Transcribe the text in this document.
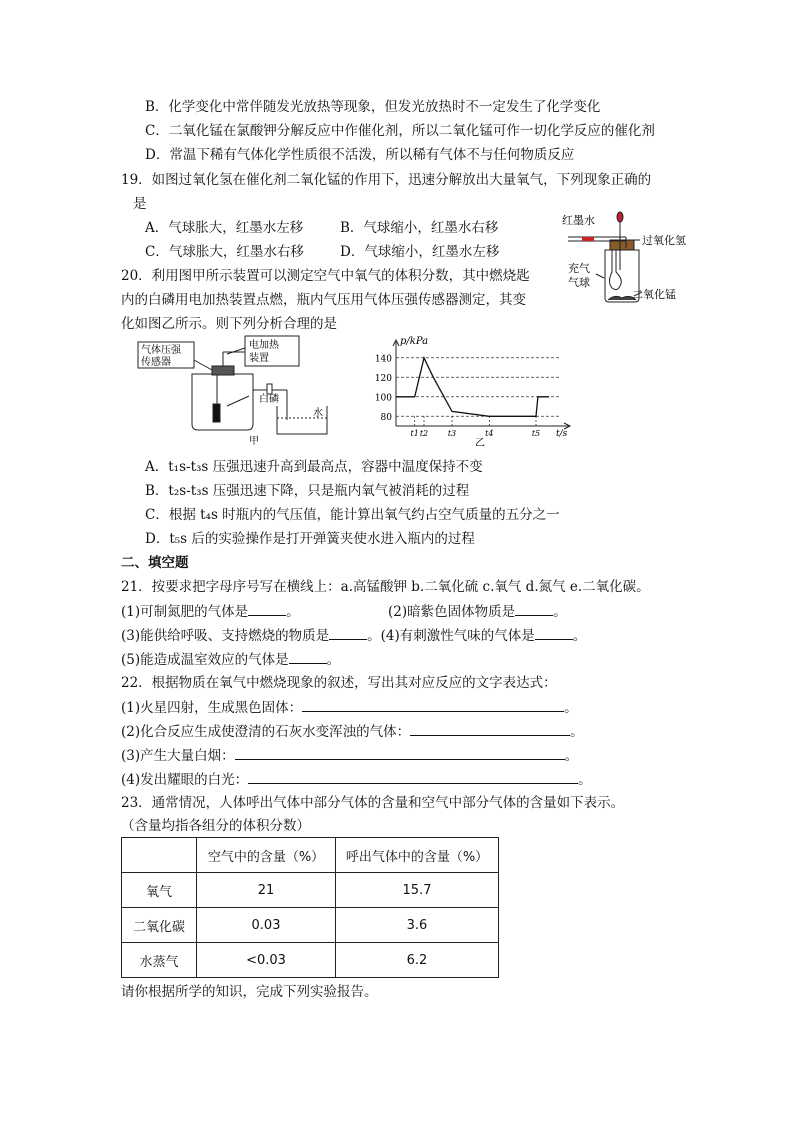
B．化学变化中常伴随发光放热等现象，但发光放热时不一定发生了化学变化
C．二氧化锰在氯酸钾分解反应中作催化剂，所以二氧化锰可作一切化学反应的催化剂
D．常温下稀有气体化学性质很不活泼，所以稀有气体不与任何物质反应
19．如图过氧化氢在催化剂二氧化锰的作用下，迅速分解放出大量氧气，下列现象正确的
是
A．气球胀大，红墨水左移	B．气球缩小，红墨水右移
C．气球胀大，红墨水右移	D．气球缩小，红墨水左移
红墨水
过氧化氢
充气
气球
二氧化锰
20．利用图甲所示装置可以测定空气中氧气的体积分数，其中燃烧匙
内的白磷用电加热装置点燃，瓶内气压用气体压强传感器测定，其变
化如图乙所示。则下列分析合理的是
气体压强
传感器
电加热
装置
白磷
水
甲
80
100
120
140
t1 t2 t3	t4	t5
p/kPa
t/s
乙
A．t₁s-t₃s 压强迅速升高到最高点，容器中温度保持不变
B．t₂s-t₃s 压强迅速下降，只是瓶内氧气被消耗的过程
C．根据 t₄s 时瓶内的气压值，能计算出氧气约占空气质量的五分之一
D．t₅s 后的实验操作是打开弹簧夹使水进入瓶内的过程
二、填空题
21．按要求把字母序号写在横线上：a.高锰酸钾 b.二氧化硫 c.氧气 d.氮气 e.二氧化碳。
(1)可制氮肥的气体是	。	(2)暗紫色固体物质是	。
(3)能供给呼吸、支持燃烧的物质是	。(4)有刺激性气味的气体是	。
(5)能造成温室效应的气体是	。
22．根据物质在氧气中燃烧现象的叙述，写出其对应反应的文字表达式：
(1)火星四射，生成黑色固体：	。
(2)化合反应生成使澄清的石灰水变浑浊的气体：	。
(3)产生大量白烟：	。
(4)发出耀眼的白光：	。
23．通常情况，人体呼出气体中部分气体的含量和空气中部分气体的含量如下表示。
（含量均指各组分的体积分数）
	空气中的含量（%）	呼出气体中的含量（%）
氧气	21	15.7
二氧化碳	0.03	3.6
水蒸气	<0.03	6.2
请你根据所学的知识，完成下列实验报告。
